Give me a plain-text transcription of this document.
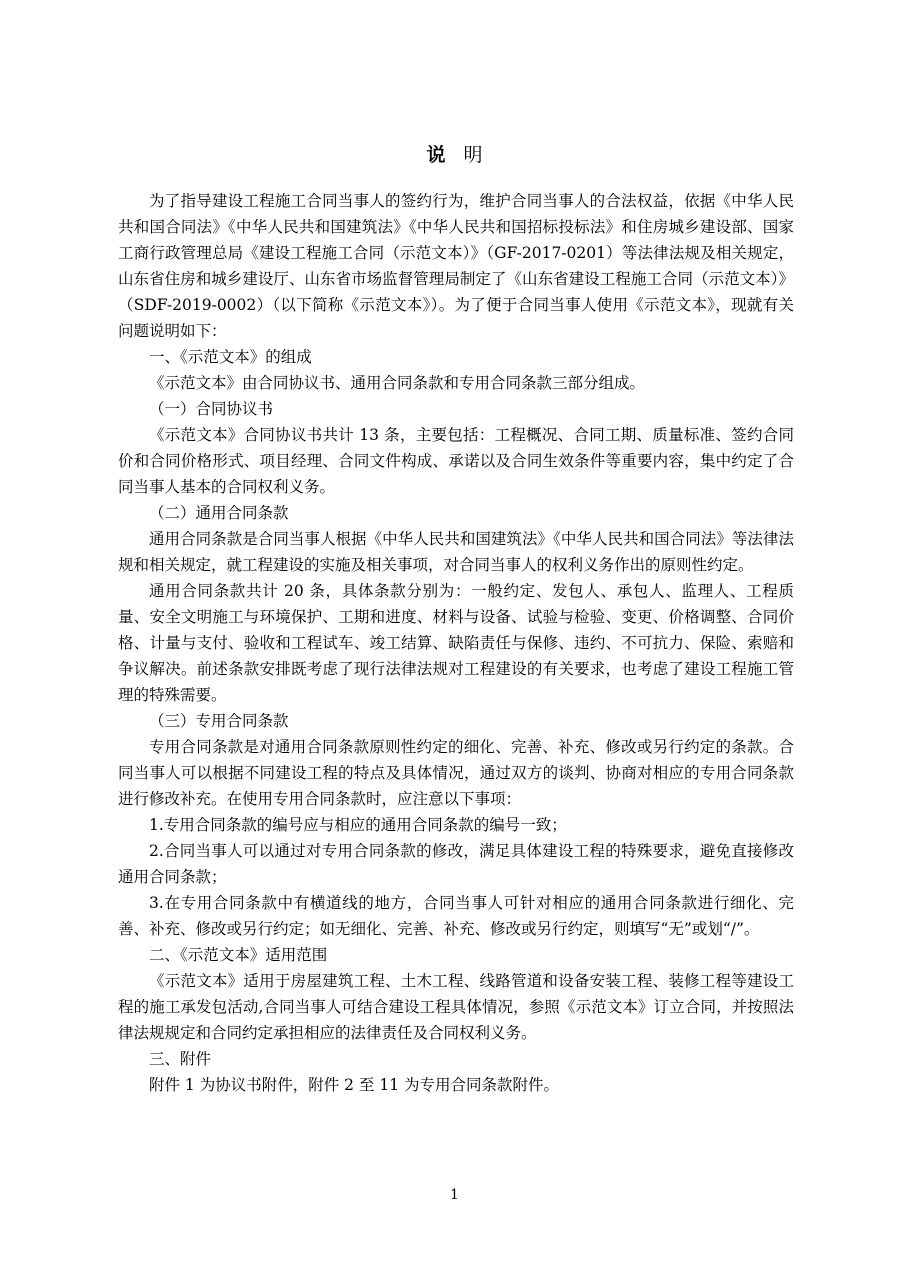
说 明

为了指导建设工程施工合同当事人的签约行为，维护合同当事人的合法权益，依据《中华人民共和国合同法》《中华人民共和国建筑法》《中华人民共和国招标投标法》和住房城乡建设部、国家工商行政管理总局《建设工程施工合同（示范文本）》（GF-2017-0201）等法律法规及相关规定，山东省住房和城乡建设厅、山东省市场监督管理局制定了《山东省建设工程施工合同（示范文本）》（SDF-2019-0002）（以下简称《示范文本》）。为了便于合同当事人使用《示范文本》，现就有关问题说明如下：

一、《示范文本》的组成

《示范文本》由合同协议书、通用合同条款和专用合同条款三部分组成。

（一）合同协议书

《示范文本》合同协议书共计 13 条，主要包括：工程概况、合同工期、质量标准、签约合同价和合同价格形式、项目经理、合同文件构成、承诺以及合同生效条件等重要内容，集中约定了合同当事人基本的合同权利义务。

（二）通用合同条款

通用合同条款是合同当事人根据《中华人民共和国建筑法》《中华人民共和国合同法》等法律法规和相关规定，就工程建设的实施及相关事项，对合同当事人的权利义务作出的原则性约定。

通用合同条款共计 20 条，具体条款分别为：一般约定、发包人、承包人、监理人、工程质量、安全文明施工与环境保护、工期和进度、材料与设备、试验与检验、变更、价格调整、合同价格、计量与支付、验收和工程试车、竣工结算、缺陷责任与保修、违约、不可抗力、保险、索赔和争议解决。前述条款安排既考虑了现行法律法规对工程建设的有关要求，也考虑了建设工程施工管理的特殊需要。

（三）专用合同条款

专用合同条款是对通用合同条款原则性约定的细化、完善、补充、修改或另行约定的条款。合同当事人可以根据不同建设工程的特点及具体情况，通过双方的谈判、协商对相应的专用合同条款进行修改补充。在使用专用合同条款时，应注意以下事项：

1.专用合同条款的编号应与相应的通用合同条款的编号一致；

2.合同当事人可以通过对专用合同条款的修改，满足具体建设工程的特殊要求，避免直接修改通用合同条款；

3.在专用合同条款中有横道线的地方，合同当事人可针对相应的通用合同条款进行细化、完善、补充、修改或另行约定；如无细化、完善、补充、修改或另行约定，则填写“无”或划“/”。

二、《示范文本》适用范围

《示范文本》适用于房屋建筑工程、土木工程、线路管道和设备安装工程、装修工程等建设工程的施工承发包活动,合同当事人可结合建设工程具体情况，参照《示范文本》订立合同，并按照法律法规规定和合同约定承担相应的法律责任及合同权利义务。

三、附件

附件 1 为协议书附件，附件 2 至 11 为专用合同条款附件。

1
